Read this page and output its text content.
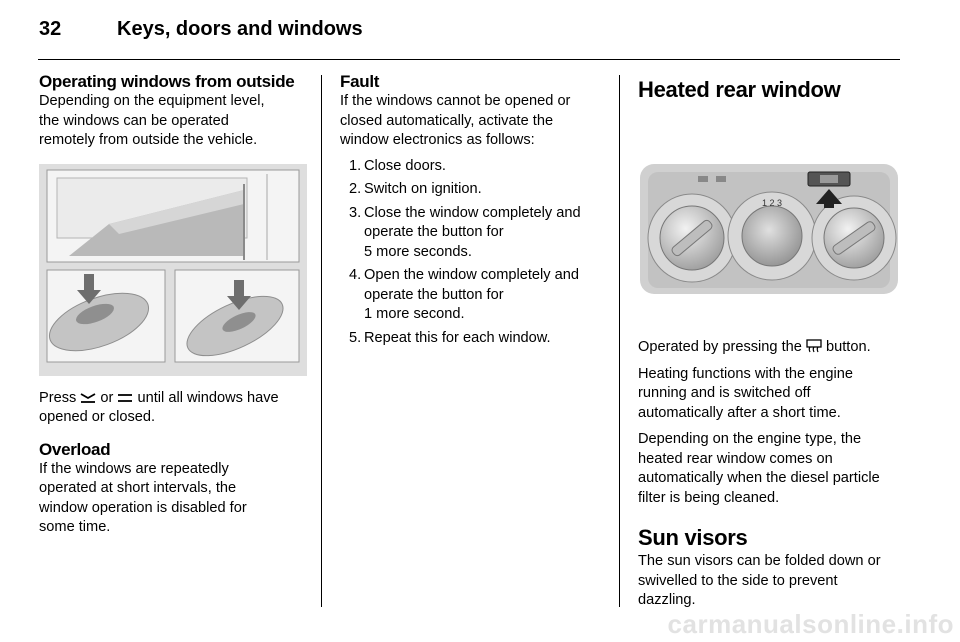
32	Keys, doors and windows
Operating windows from outside

Depending on the equipment level,
the windows can be operated
remotely from outside the vehicle.

Press  or  until all windows have
opened or closed.

Overload

If the windows are repeatedly
operated at short intervals, the
window operation is disabled for
some time.

Fault

If the windows cannot be opened or
closed automatically, activate the
window electronics as follows:

1. Close doors.
2. Switch on ignition.
3. Close the window completely and
operate the button for
5 more seconds.
4. Open the window completely and
operate the button for
1 more second.
5. Repeat this for each window.
Heated rear window
1 2 3

Operated by pressing the  button.

Heating functions with the engine
running and is switched off
automatically after a short time.

Depending on the engine type, the
heated rear window comes on
automatically when the diesel particle
filter is being cleaned.

Sun visors

The sun visors can be folded down or
swivelled to the side to prevent
dazzling.

carmanualsonline.info
